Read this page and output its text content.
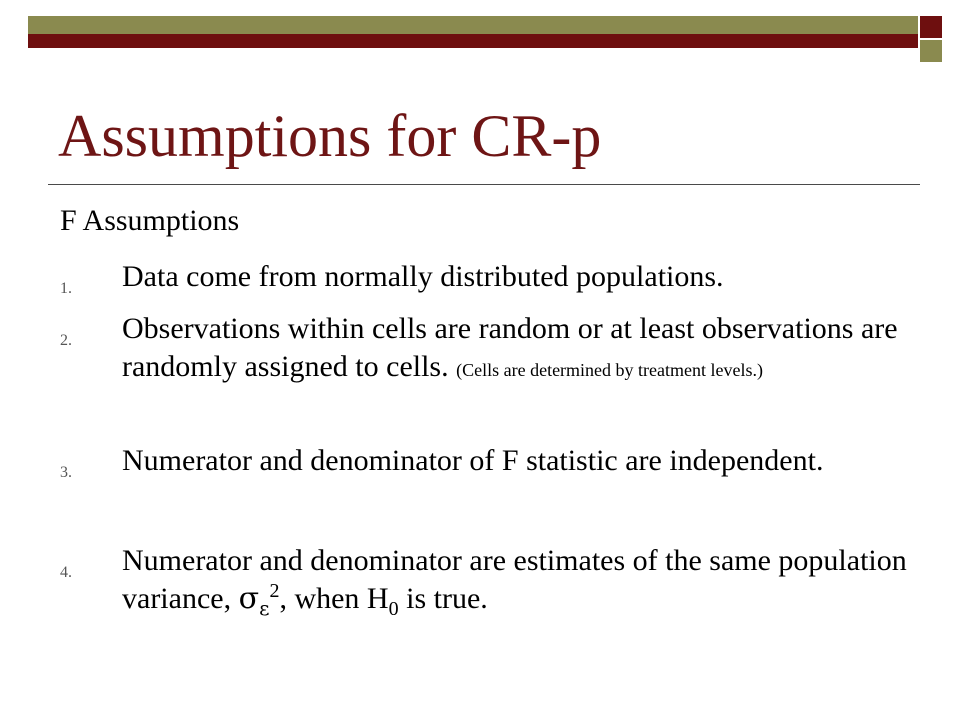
Assumptions for CR-p
F Assumptions
1.	Data come from normally distributed populations.
2.	Observations within cells are random or at least observations are randomly assigned to cells. (Cells are determined by treatment levels.)
3.	Numerator and denominator of F statistic are independent.
4.	Numerator and denominator are estimates of the same population variance, $\sigma_\varepsilon^2$, when $H_0$ is true.
